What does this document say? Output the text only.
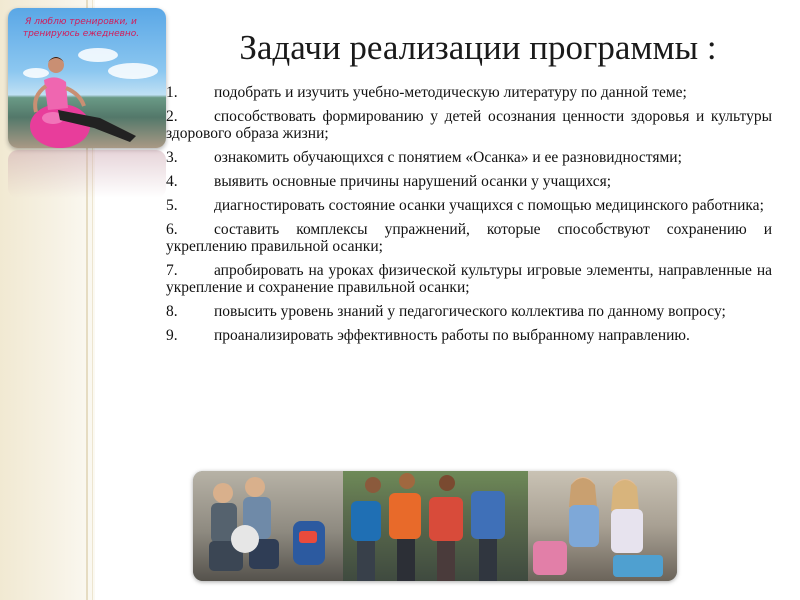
Я люблю тренировки, и
тренируюсь ежедневно.	Задачи реализации программы :
1. подобрать и изучить учебно-методическую литературу по данной теме;
2. способствовать формированию у детей осознания ценности здоровья и культуры здорового образа жизни;
3. ознакомить обучающихся с понятием «Осанка» и ее разновидностями;
4. выявить основные причины нарушений осанки у учащихся;
5. диагностировать состояние осанки учащихся с помощью медицинского работника;
6. составить комплексы упражнений, которые способствуют сохранению и укреплению правильной осанки;
7. апробировать на уроках физической культуры игровые элементы, направленные на укрепление и сохранение правильной осанки;
8. повысить уровень знаний у педагогического коллектива по данному вопросу;
9. проанализировать эффективность работы по выбранному направлению.
